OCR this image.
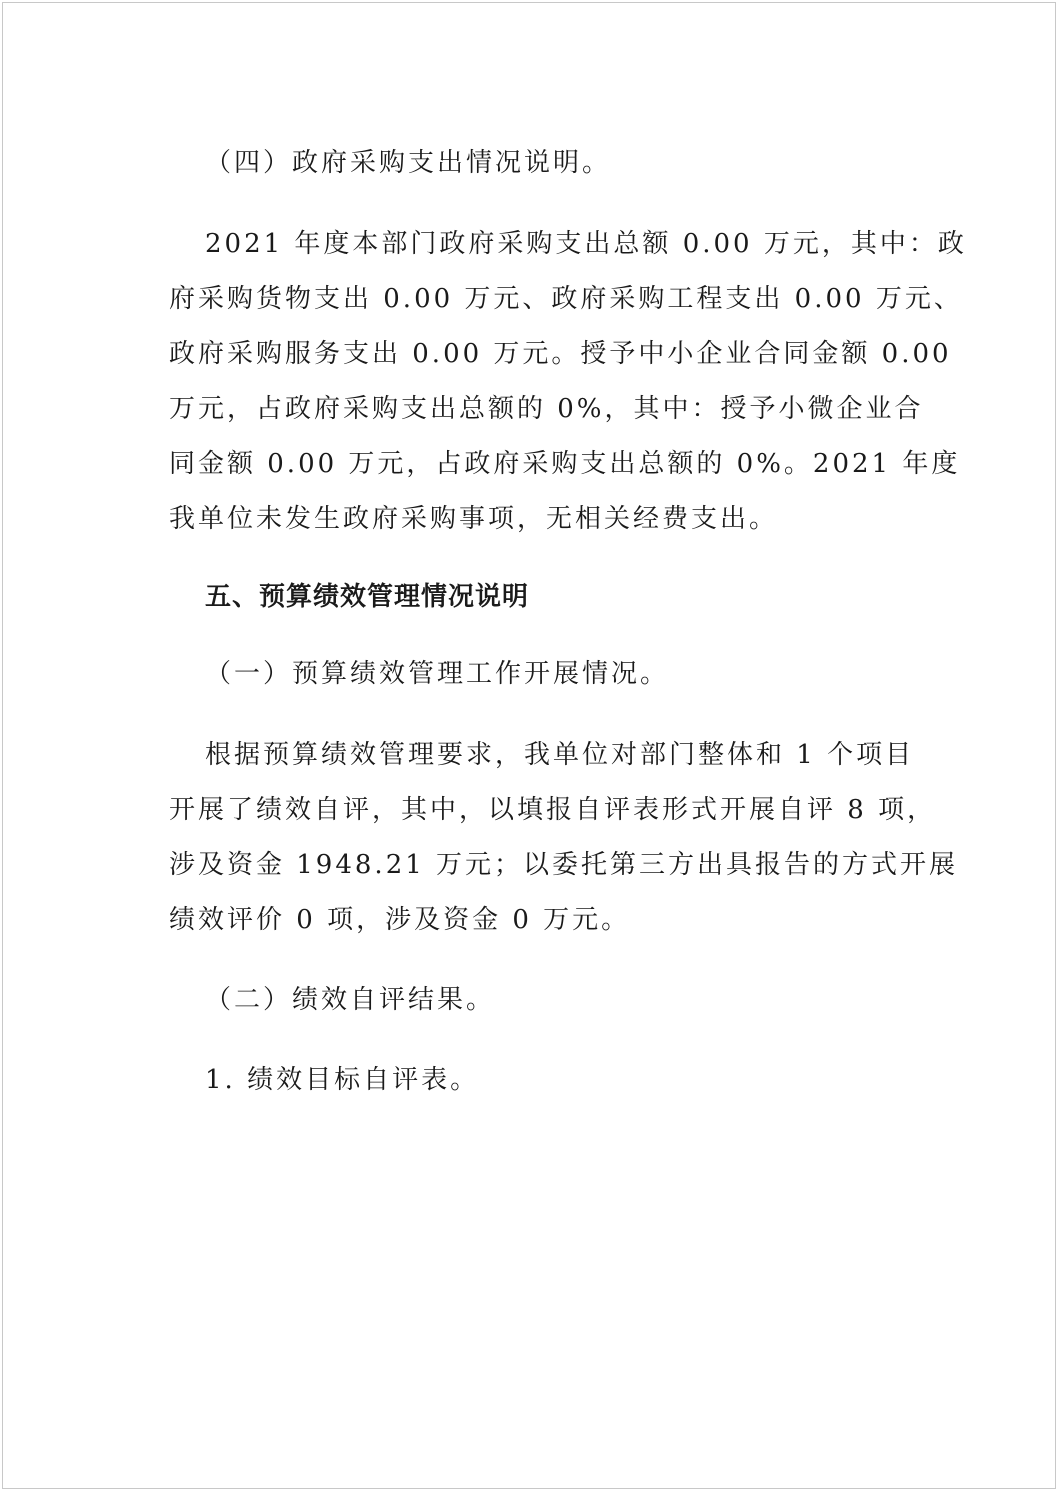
（四）政府采购支出情况说明。
2021 年度本部门政府采购支出总额 0.00 万元，其中：政
府采购货物支出 0.00 万元、政府采购工程支出 0.00 万元、
政府采购服务支出 0.00 万元。授予中小企业合同金额 0.00
万元，占政府采购支出总额的 0%，其中：授予小微企业合
同金额 0.00 万元，占政府采购支出总额的 0%。2021 年度
我单位未发生政府采购事项，无相关经费支出。
五、预算绩效管理情况说明
（一）预算绩效管理工作开展情况。
根据预算绩效管理要求，我单位对部门整体和 1 个项目
开展了绩效自评，其中，以填报自评表形式开展自评 8 项，
涉及资金 1948.21 万元；以委托第三方出具报告的方式开展
绩效评价 0 项，涉及资金 0 万元。
（二）绩效自评结果。
1. 绩效目标自评表。
